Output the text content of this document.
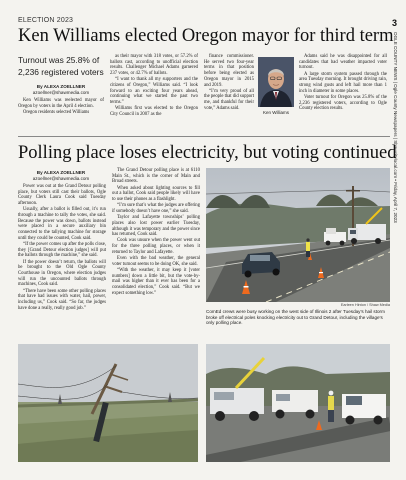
ELECTION 2023	3
OGLE COUNTY NEWS | Ogle County Newspapers | Shawcitylocal.com • Friday, April 7, 2023
Ken Williams elected Oregon mayor for third term
Turnout was 25.8% of
2,236 registered voters
By ALEXA ZOELLNER
azoellner@shawmedia.com

Ken Williams was reelected mayor of Oregon by voters in the April 4 election.

Oregon residents selected Williams

as their mayor with 318 votes, or 57.2% of ballots cast, according to unofficial election results. Challenger Michael Adams garnered 237 votes, or 42.7% of ballots.

“I want to thank all my supporters and the citizens of Oregon,” Williams said. “I look forward to an exciting four years ahead, continuing what we started the past two terms.”

Williams first was elected to the Oregon City Council in 2007 as the

finance commissioner. He served two four-year terms in that position before being elected as Oregon mayor in 2015 and 2019.

“I’m very proud of all the people that did support me, and thankful for their vote,” Adams said.

Ken Williams

Adams said he was disappointed for all candidates that bad weather impacted voter turnout.

A large storm system passed through the area Tuesday morning. It brought driving rain, strong wind gusts and left hail more than 1 inch in diameter in some places.

Voter turnout for Oregon was 25.8% of the 2,236 registered voters, according to Ogle County election results.

Polling place loses electricity, but voting continued
By ALEXA ZOELLNER
azoellner@shawmedia.com

Power was out at the Grand Detour polling place, but voters still cast their ballots, Ogle County Clerk Laura Cook said Tuesday afternoon.

Usually, after a ballot is filled out, it’s run through a machine to tally the votes, she said. Because the power was down, ballots instead were placed in a secure auxiliary bin connected to the tallying machine for storage until they could be counted, Cook said.

“If the power comes up after the polls close, they [Grand Detour election judges] will put the ballots through the machine,” she said.

If the power doesn’t return, the ballots will be brought to the Old Ogle County Courthouse in Oregon, where election judges will run the uncounted ballots through machines, Cook said.

“There have been some other polling places that have had issues with water, hail, power, including us,” Cook said. “So far, the judges have done a really, really good job.”

The Grand Detour polling place is at 6110 Main St., which is the corner of Main and Broad streets.

When asked about lighting sources to fill out a ballot, Cook said people likely will have to use their phones as a flashlight.

“I’m sure that’s what the judges are offering if somebody doesn’t have one,” she said.

Taylor and Lafayette townships’ polling places also lost power earlier Tuesday, although it was temporary and the power since has returned, Cook said.

Cook was unsure when the power went out for the three polling places, or when it returned to Taylor and Lafayette.

Even with the bad weather, the general voter turnout seems to be doing OK, she said.

“With the weather, it may keep it [voter numbers] down a little bit, but the vote-by-mail was higher than it ever has been for a consolidated election,” Cook said. “But we expect something low.”

Earleen Hinton / Shaw Media
ComEd crews were busy working on the west side of Illinois 2 after Tuesday’s hail storm broke off electrical poles knocking electricity out to Grand Detour, including the village’s only polling place.
